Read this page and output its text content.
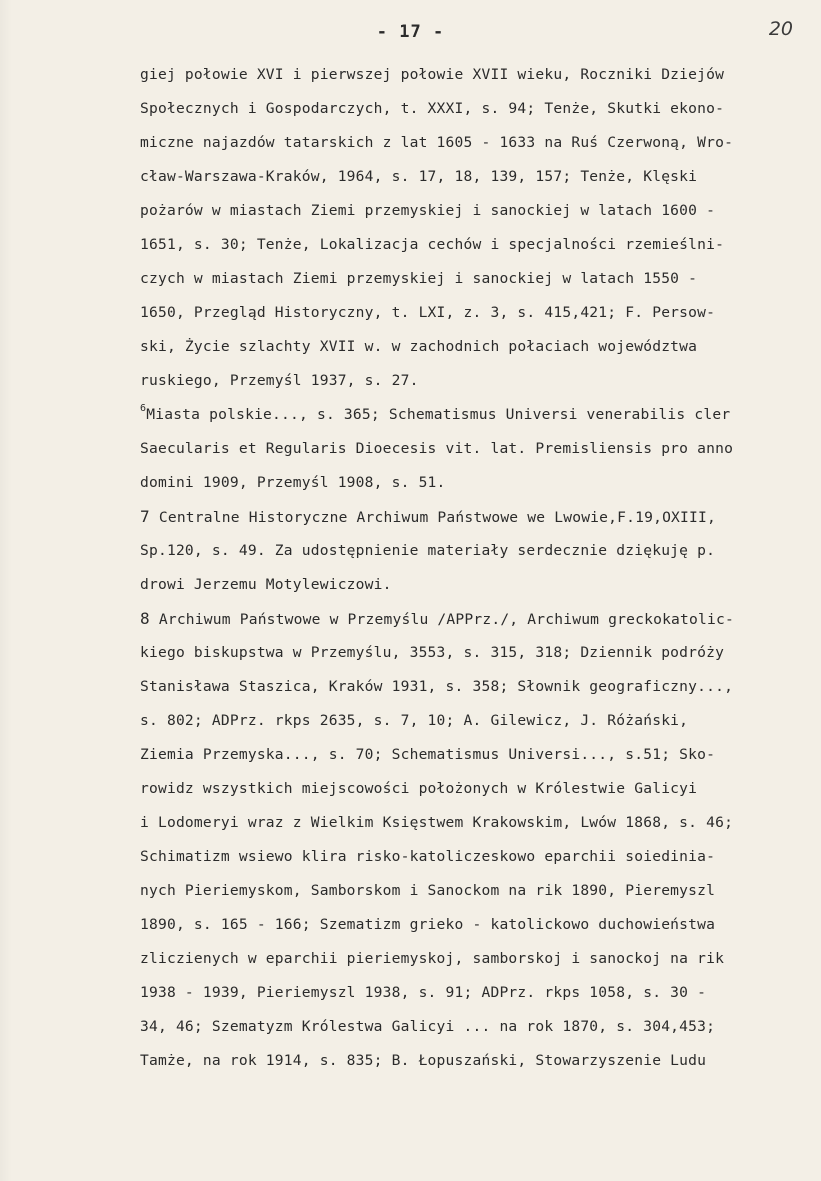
- 17 -	20
giej połowie XVI i pierwszej połowie XVII wieku, Roczniki Dziejów
Społecznych i Gospodarczych, t. XXXI, s. 94; Tenże, Skutki ekono-
miczne najazdów tatarskich z lat 1605 - 1633 na Ruś Czerwoną, Wro-
cław-Warszawa-Kraków, 1964, s. 17, 18, 139, 157; Tenże, Klęski
pożarów w miastach Ziemi przemyskiej i sanockiej w latach 1600 -
1651, s. 30; Tenże, Lokalizacja cechów i specjalności rzemieślni-
czych w miastach Ziemi przemyskiej i sanockiej w latach 1550 -
1650, Przegląd Historyczny, t. LXI, z. 3, s. 415,421; F. Persow-
ski, Życie szlachty XVII w. w zachodnich połaciach województwa
ruskiego, Przemyśl 1937, s. 27.
$^6$Miasta polskie..., s. 365; Schematismus Universi venerabilis cler
Saecularis et Regularis Dioecesis vit. lat. Premisliensis pro anno
domini 1909, Przemyśl 1908, s. 51.
7 Centralne Historyczne Archiwum Państwowe we Lwowie,F.19,OXIII,
Sp.120, s. 49. Za udostępnienie materiały serdecznie dziękuję p.
drowi Jerzemu Motylewiczowi.
8 Archiwum Państwowe w Przemyślu /APPrz./, Archiwum greckokatolic-
kiego biskupstwa w Przemyślu, 3553, s. 315, 318; Dziennik podróży
Stanisława Staszica, Kraków 1931, s. 358; Słownik geograficzny...,
s. 802; ADPrz. rkps 2635, s. 7, 10; A. Gilewicz, J. Różański,
Ziemia Przemyska..., s. 70; Schematismus Universi..., s.51; Sko-
rowidz wszystkich miejscowości położonych w Królestwie Galicyi
i Lodomeryi wraz z Wielkim Księstwem Krakowskim, Lwów 1868, s. 46;
Schimatizm wsiewo klira risko-katoliczeskowo eparchii soiedinia-
nych Pieriemyskom, Samborskom i Sanockom na rik 1890, Pieremyszl
1890, s. 165 - 166; Szematizm grieko - katolickowo duchowieństwa
zliczienych w eparchii pieriemyskoj, samborskoj i sanockoj na rik
1938 - 1939, Pieriemyszl 1938, s. 91; ADPrz. rkps 1058, s. 30 -
34, 46; Szematyzm Królestwa Galicyi ... na rok 1870, s. 304,453;
Tamże, na rok 1914, s. 835; B. Łopuszański, Stowarzyszenie Ludu
